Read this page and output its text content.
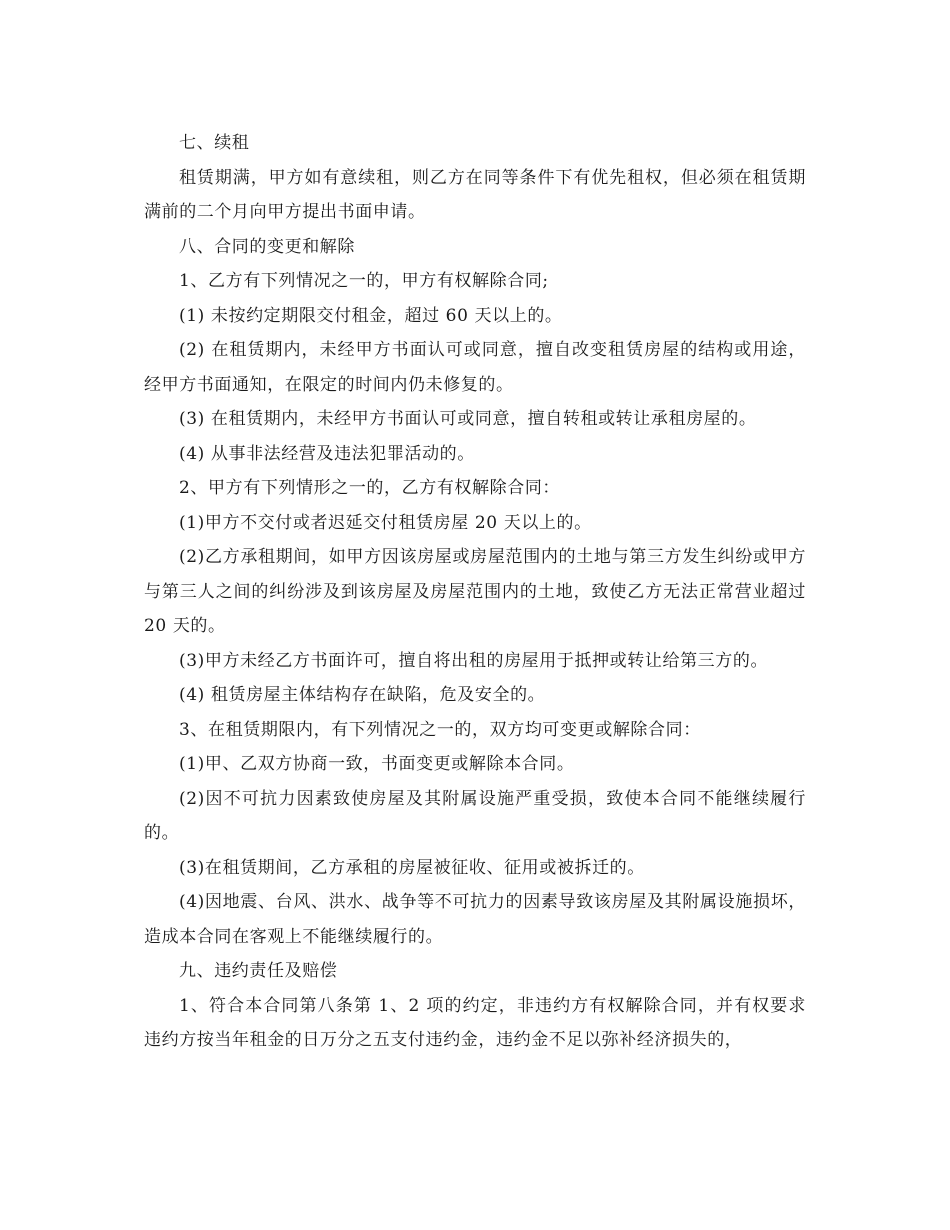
七、续租

租赁期满，甲方如有意续租，则乙方在同等条件下有优先租权，但必须在租赁期满前的二个月向甲方提出书面申请。

八、合同的变更和解除

1、乙方有下列情况之一的，甲方有权解除合同;

(1) 未按约定期限交付租金，超过 60 天以上的。

(2) 在租赁期内，未经甲方书面认可或同意，擅自改变租赁房屋的结构或用途，经甲方书面通知，在限定的时间内仍未修复的。

(3) 在租赁期内，未经甲方书面认可或同意，擅自转租或转让承租房屋的。

(4) 从事非法经营及违法犯罪活动的。

2、甲方有下列情形之一的，乙方有权解除合同：

(1)甲方不交付或者迟延交付租赁房屋 20 天以上的。

(2)乙方承租期间，如甲方因该房屋或房屋范围内的土地与第三方发生纠纷或甲方与第三人之间的纠纷涉及到该房屋及房屋范围内的土地，致使乙方无法正常营业超过 20 天的。

(3)甲方未经乙方书面许可，擅自将出租的房屋用于抵押或转让给第三方的。

(4) 租赁房屋主体结构存在缺陷，危及安全的。

3、在租赁期限内，有下列情况之一的，双方均可变更或解除合同：

(1)甲、乙双方协商一致，书面变更或解除本合同。

(2)因不可抗力因素致使房屋及其附属设施严重受损，致使本合同不能继续履行的。

(3)在租赁期间，乙方承租的房屋被征收、征用或被拆迁的。

(4)因地震、台风、洪水、战争等不可抗力的因素导致该房屋及其附属设施损坏，造成本合同在客观上不能继续履行的。

九、违约责任及赔偿

1、符合本合同第八条第 1、2 项的约定，非违约方有权解除合同，并有权要求违约方按当年租金的日万分之五支付违约金，违约金不足以弥补经济损失的，
